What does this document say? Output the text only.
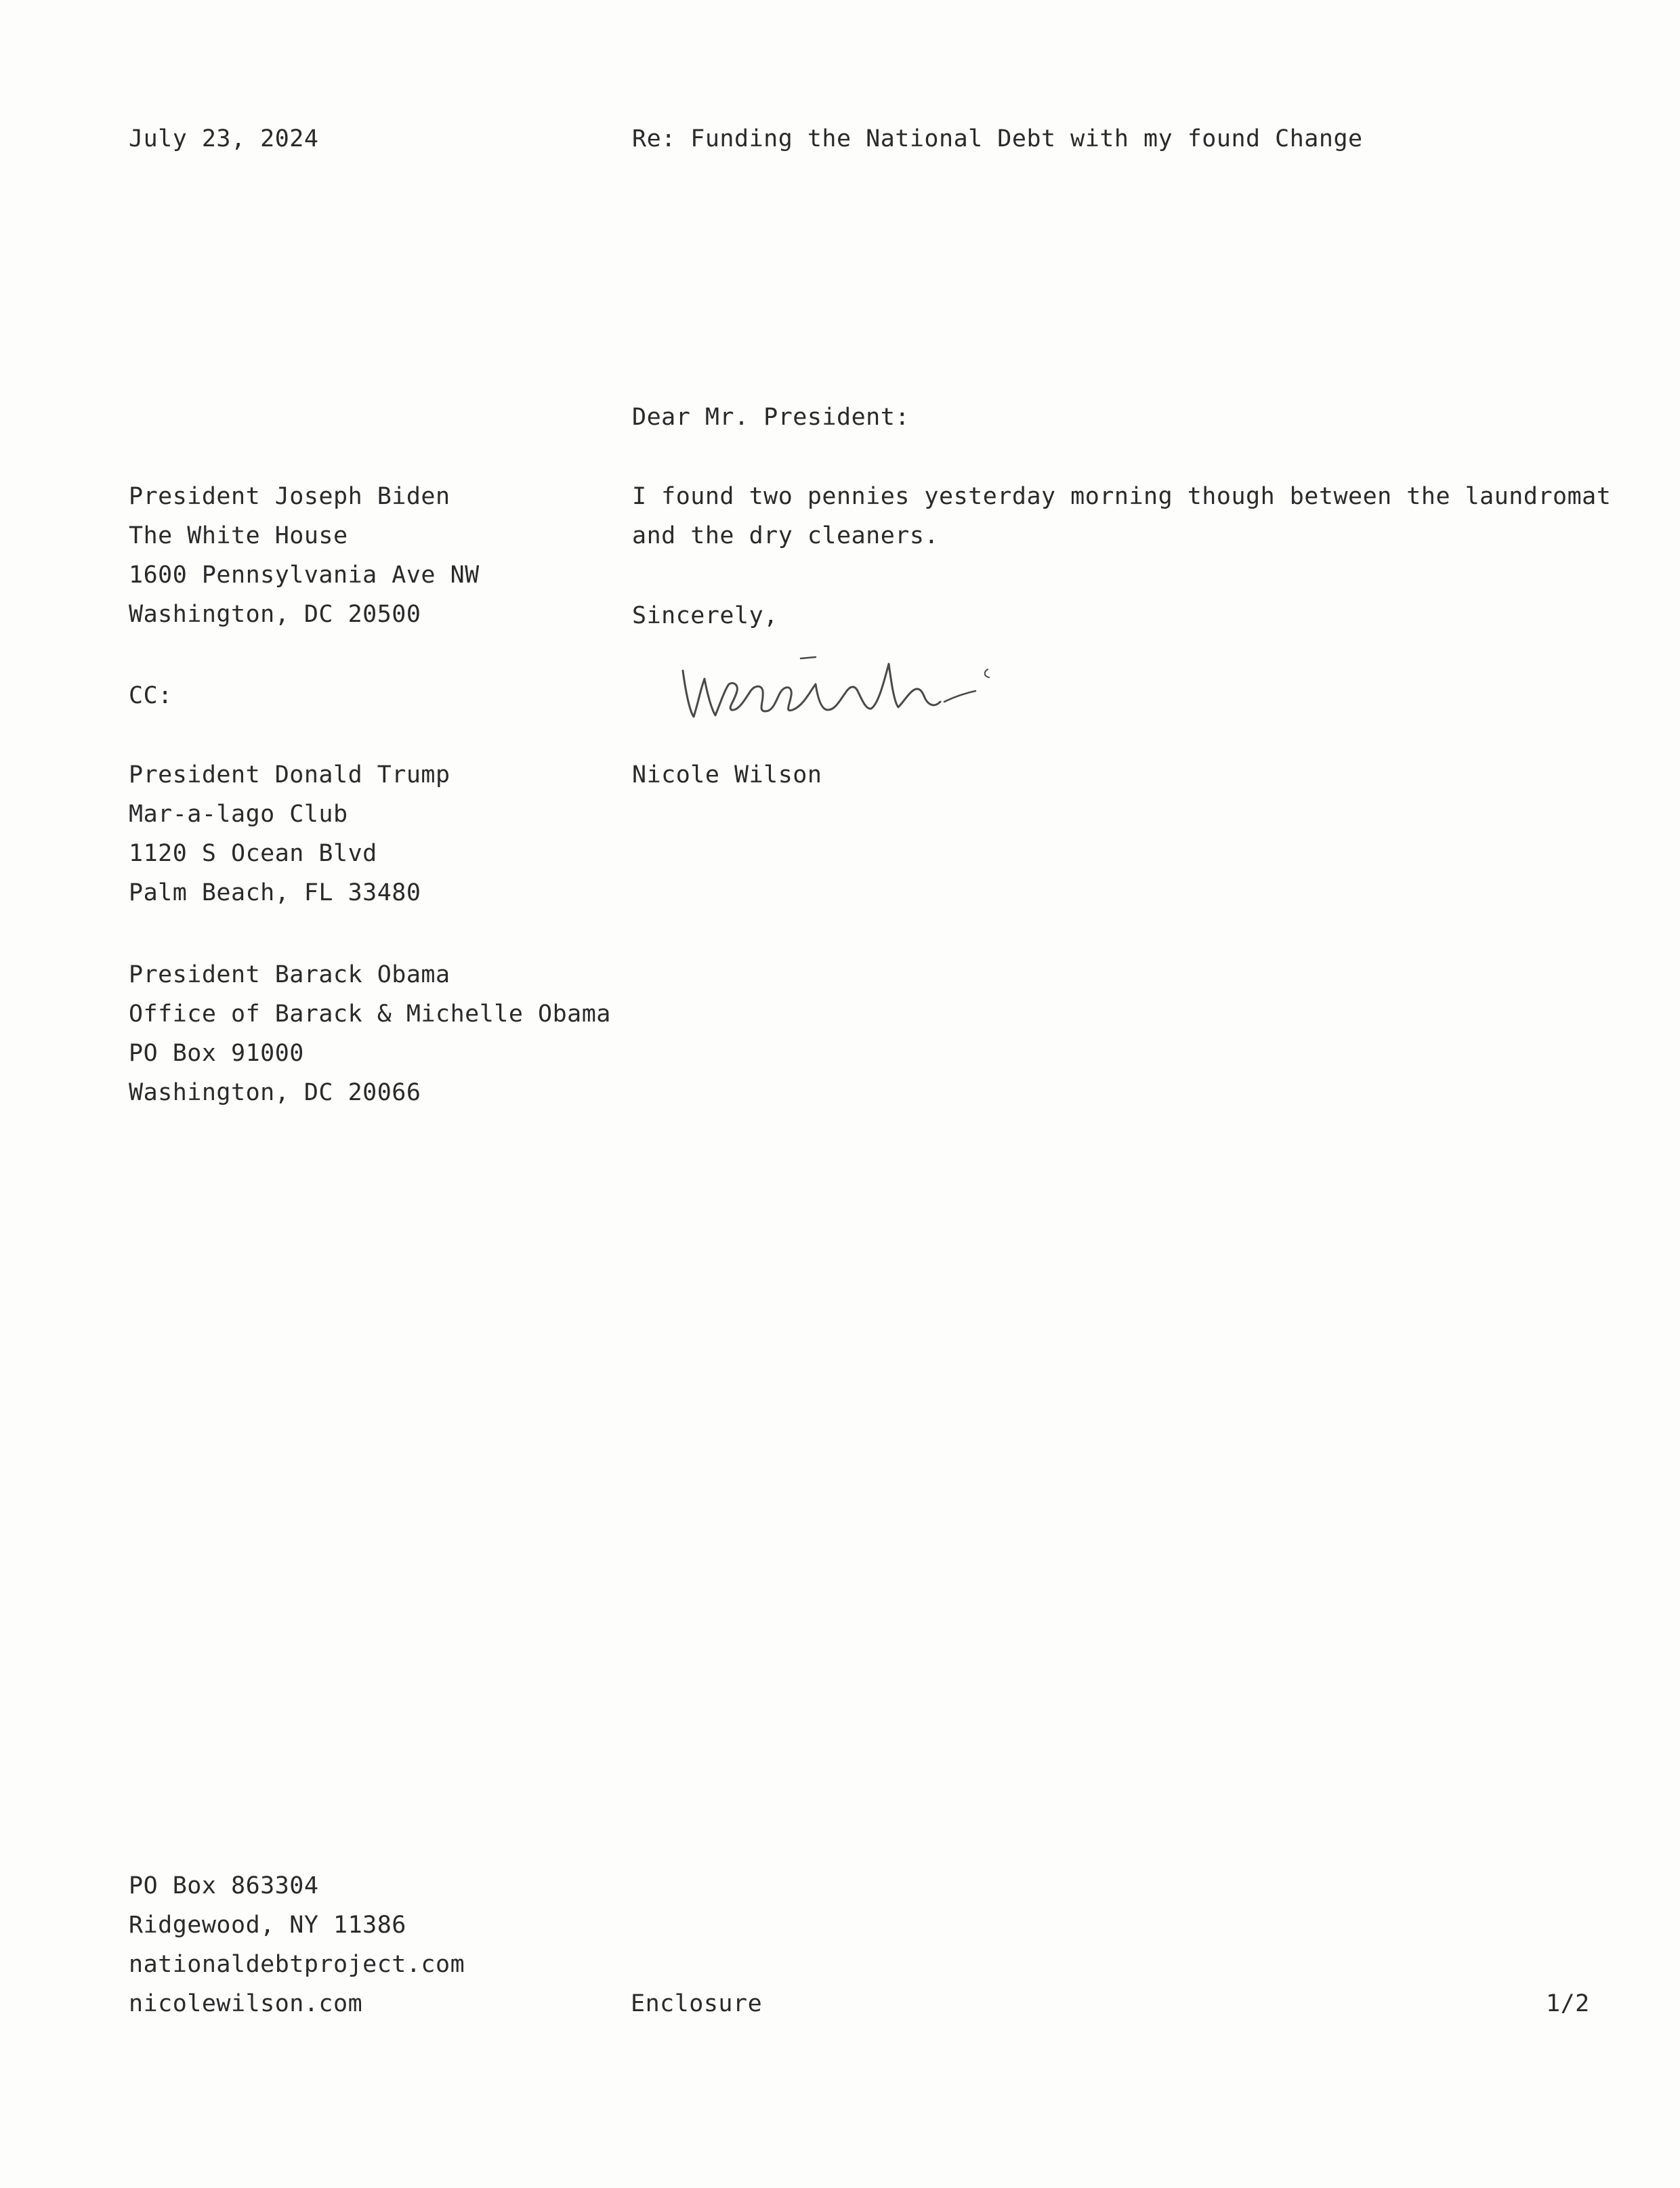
July 23, 2024	Re: Funding the National Debt with my found Change
Dear Mr. President:
President Joseph Biden
The White House
1600 Pennsylvania Ave NW
Washington, DC 20500
I found two pennies yesterday morning though between the laundromat
and the dry cleaners.
Sincerely,
CC:
Nicole Wilson
President Donald Trump
Mar-a-lago Club
1120 S Ocean Blvd
Palm Beach, FL 33480
President Barack Obama
Office of Barack & Michelle Obama
PO Box 91000
Washington, DC 20066
PO Box 863304
Ridgewood, NY 11386
nationaldebtproject.com
nicolewilson.com	Enclosure	1/2
